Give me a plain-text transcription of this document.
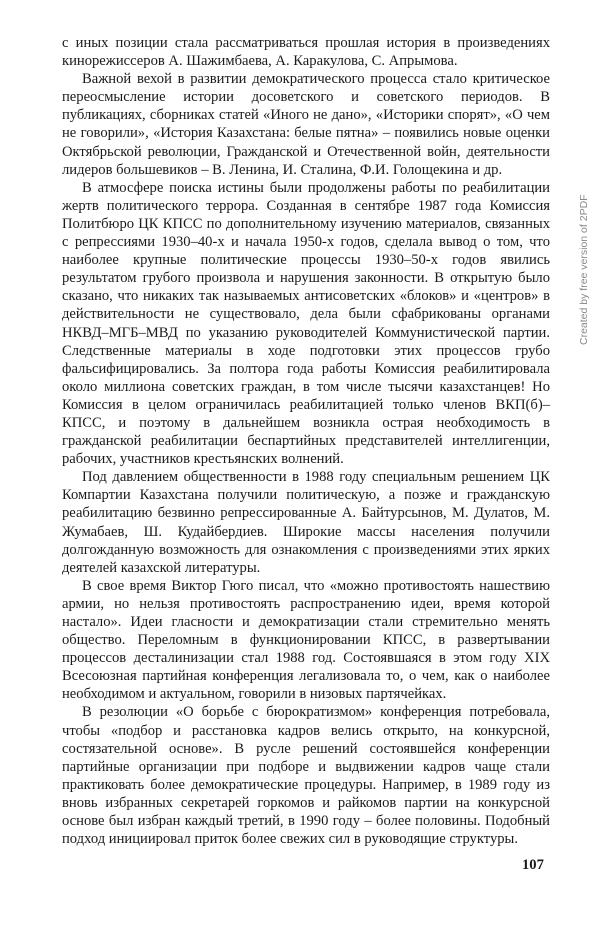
с иных позиции стала рассматриваться прошлая история в произведениях кинорежиссеров А. Шажимбаева, А. Каракулова, С. Апрымова.

Важной вехой в развитии демократического процесса стало критическое переосмысление истории досоветского и советского периодов. В публикациях, сборниках статей «Иного не дано», «Историки спорят», «О чем не говорили», «История Казахстана: белые пятна» – появились новые оценки Октябрьской революции, Гражданской и Отечественной войн, деятельности лидеров большевиков – В. Ленина, И. Сталина, Ф.И. Голощекина и др.

В атмосфере поиска истины были продолжены работы по реабилитации жертв политического террора. Созданная в сентябре 1987 года Комиссия Политбюро ЦК КПСС по дополнительному изучению материалов, связанных с репрессиями 1930–40-х и начала 1950-х годов, сделала вывод о том, что наиболее крупные политические процессы 1930–50-х годов явились результатом грубого произвола и нарушения законности. В открытую было сказано, что никаких так называемых антисоветских «блоков» и «центров» в действительности не существовало, дела были сфабрикованы органами НКВД–МГБ–МВД по указанию руководителей Коммунистической партии. Следственные материалы в ходе подготовки этих процессов грубо фальсифицировались. За полтора года работы Комиссия реабилитировала около миллиона советских граждан, в том числе тысячи казахстанцев! Но Комиссия в целом ограничилась реабилитацией только членов ВКП(б)–КПСС, и поэтому в дальнейшем возникла острая необходимость в гражданской реабилитации беспартийных представителей интеллигенции, рабочих, участников крестьянских волнений.

Под давлением общественности в 1988 году специальным решением ЦК Компартии Казахстана получили политическую, а позже и гражданскую реабилитацию безвинно репрессированные А. Байтурсынов, М. Дулатов, М. Жумабаев, Ш. Кудайбердиев. Широкие массы населения получили долгожданную возможность для ознакомления с произведениями этих ярких деятелей казахской литературы.

В свое время Виктор Гюго писал, что «можно противостоять нашествию армии, но нельзя противостоять распространению идеи, время которой настало». Идеи гласности и демократизации стали стремительно менять общество. Переломным в функционировании КПСС, в развертывании процессов десталинизации стал 1988 год. Состоявшаяся в этом году XIX Всесоюзная партийная конференция легализовала то, о чем, как о наиболее необходимом и актуальном, говорили в низовых партячейках.

В резолюции «О борьбе с бюрократизмом» конференция потребовала, чтобы «подбор и расстановка кадров велись открыто, на конкурсной, состязательной основе». В русле решений состоявшейся конференции партийные организации при подборе и выдвижении кадров чаще стали практиковать более демократические процедуры. Например, в 1989 году из вновь избранных секретарей горкомов и райкомов партии на конкурсной основе был избран каждый третий, в 1990 году – более половины. Подобный подход инициировал приток более свежих сил в руководящие структуры.

107
Created by free version of 2PDF
